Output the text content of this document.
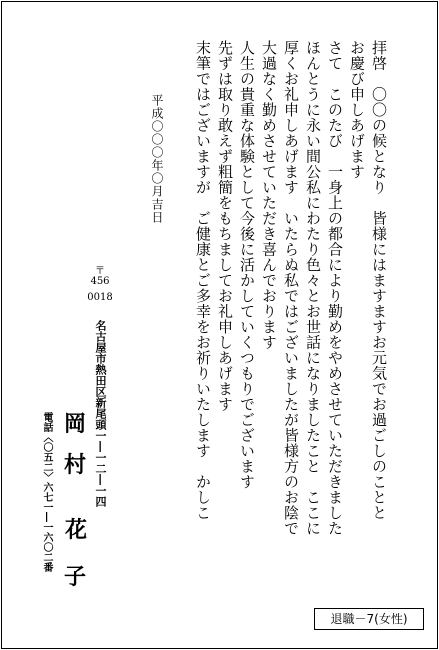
拝啓　〇〇の候となり　皆様にはますますお元気でお過ごしのことと

お慶び申しあげます

さて　このたび　一身上の都合により勤めをやめさせていただきました

ほんとうに永い間公私にわたり色々とお世話になりましたこと　ここに

厚くお礼申しあげます　いたらぬ私ではございましたが皆様方のお陰で

大過なく勤めさせていただき喜んでおります

人生の貴重な体験として今後に活かしていくつもりでございます

先ずは取り敢えず粗簡をもちましてお礼申しあげます

末筆ではございますが　ご健康とご多幸をお祈りいたします　かしこ

平成〇〇〇年〇月吉日

〒
456
0018

名古屋市熱田区新尾頭一―一二―一四

岡
村
花
子

電話〈〇五二〉六七一―一六〇二番

退職－7(女性)
